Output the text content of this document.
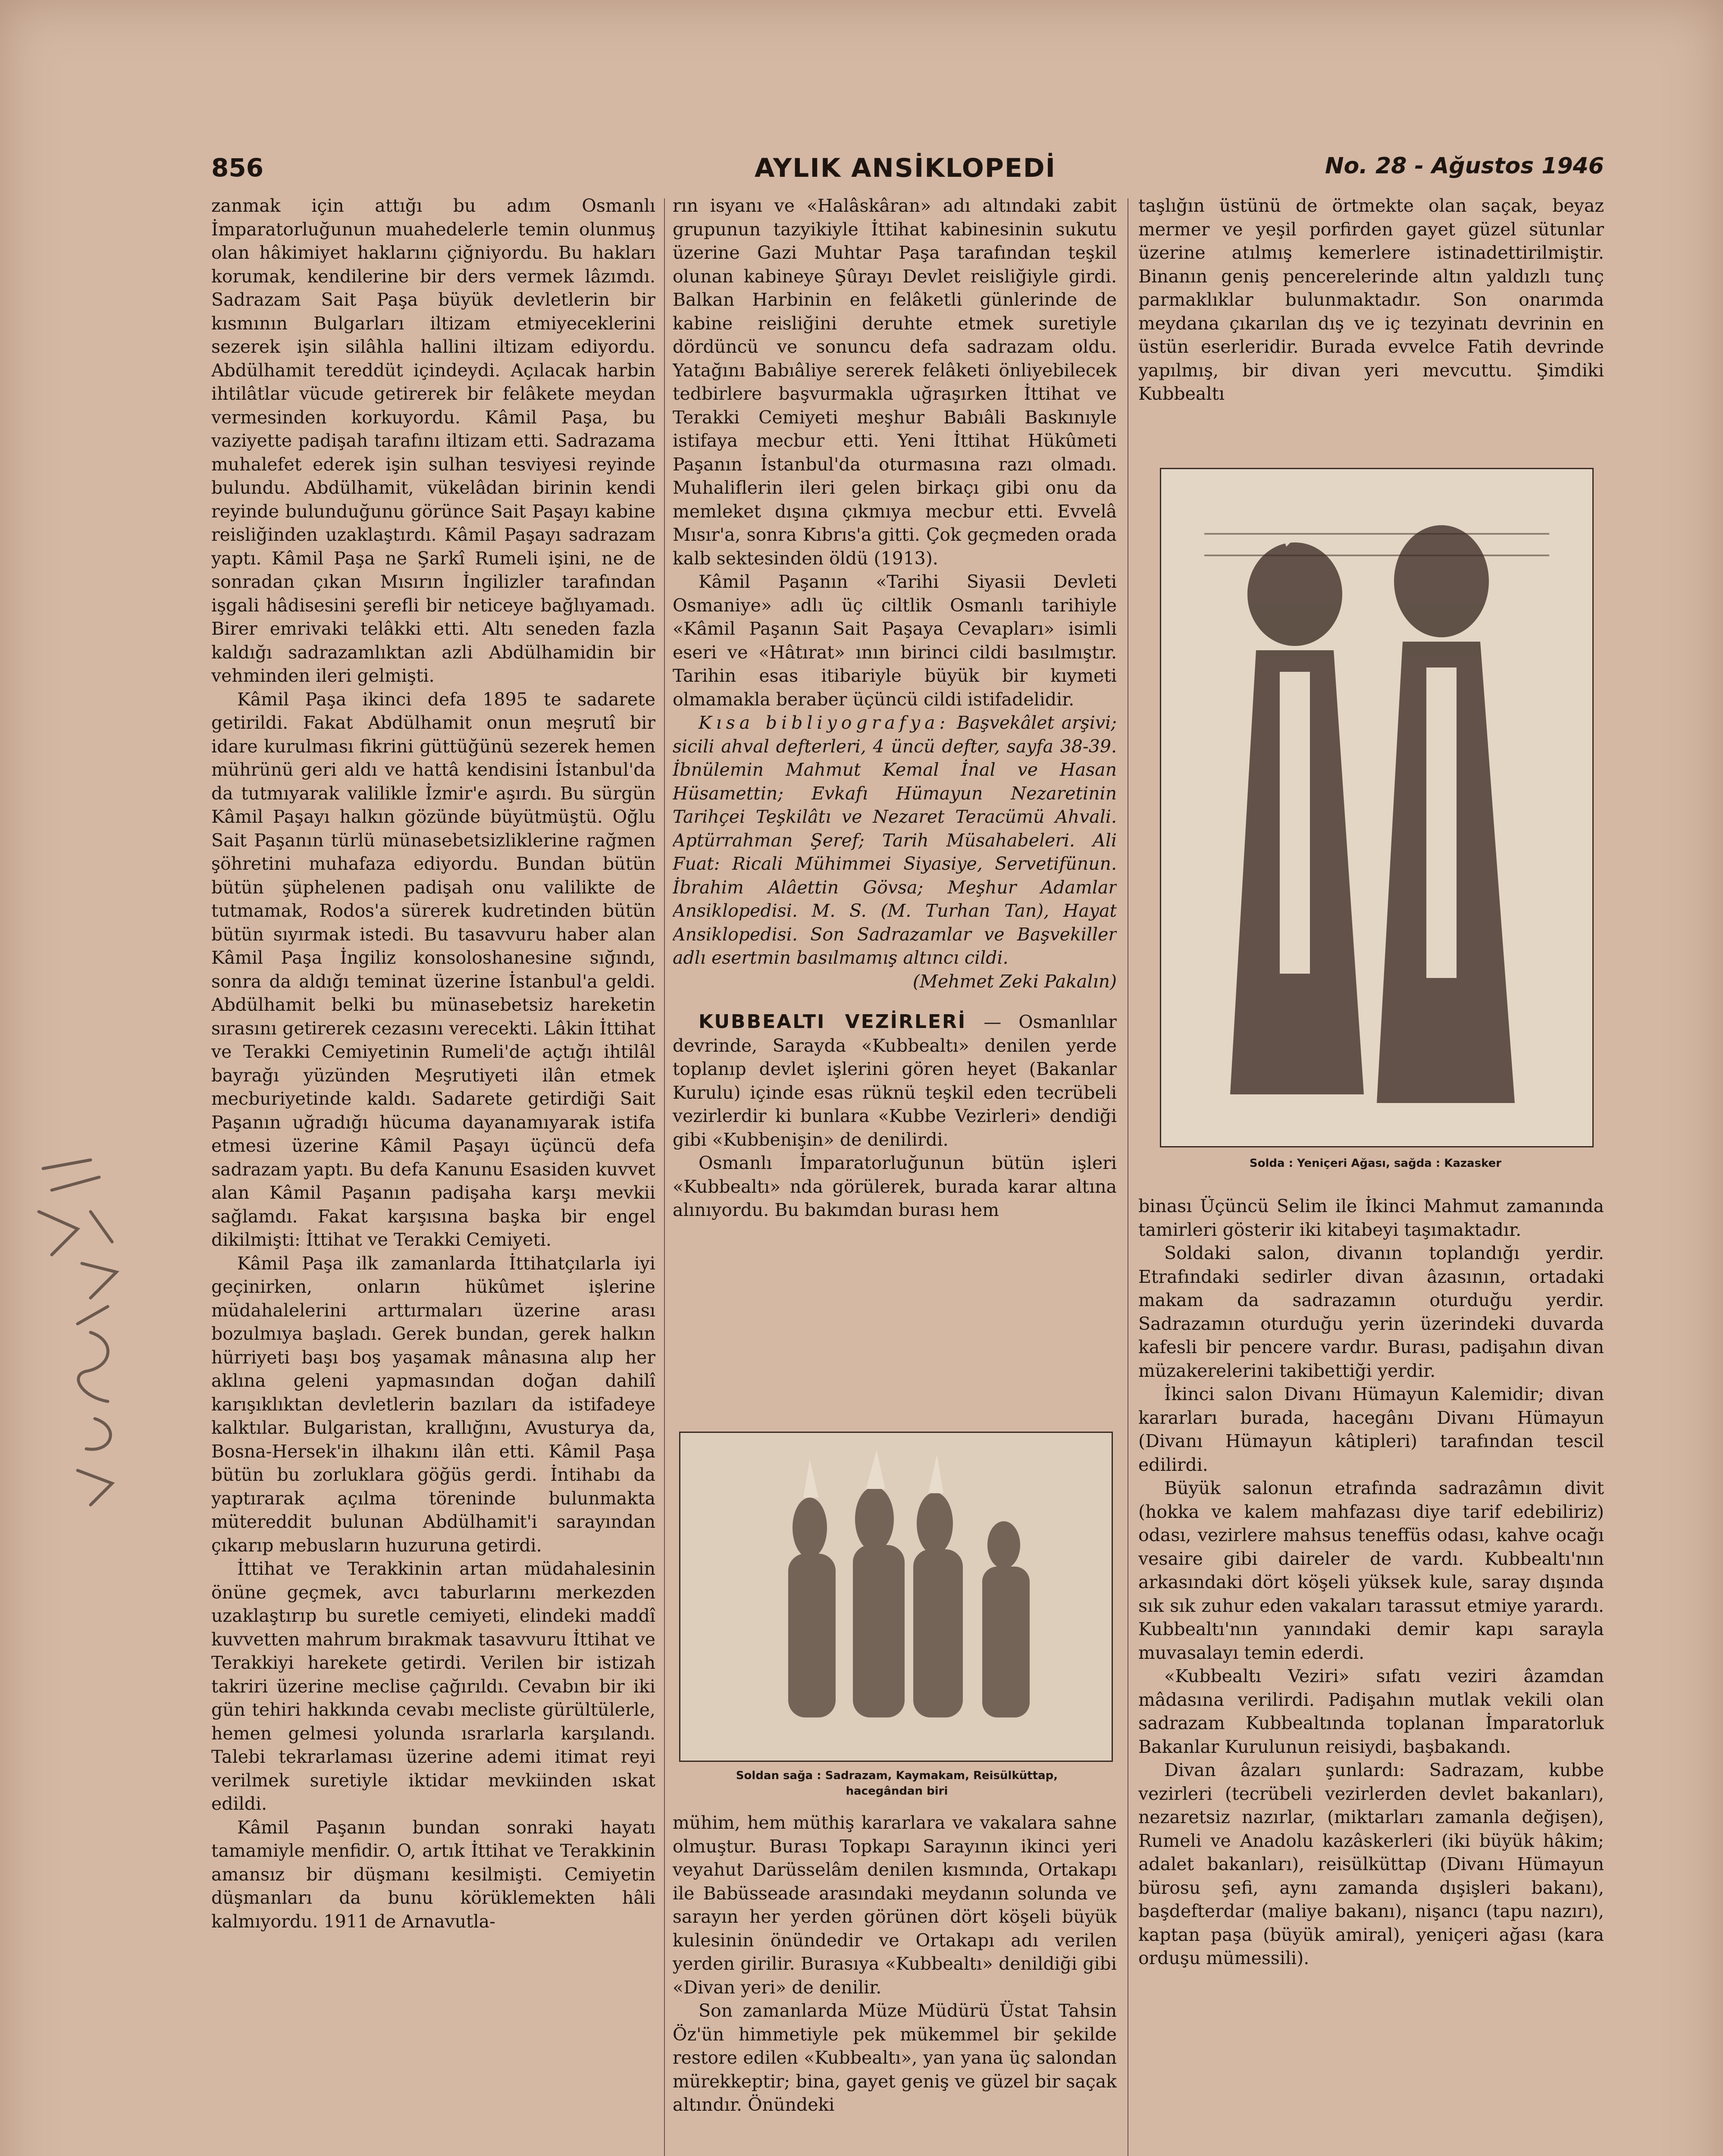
856	AYLIK ANSİKLOPEDİ	No. 28 - Ağustos 1946

zanmak için attığı bu adım Osmanlı İmparatorluğunun muahedelerle temin olunmuş olan hâkimiyet haklarını çiğniyordu. Bu hakları korumak, kendilerine bir ders vermek lâzımdı. Sadrazam Sait Paşa büyük devletlerin bir kısmının Bulgarları iltizam etmiyeceklerini sezerek işin silâhla hallini iltizam ediyordu. Abdülhamit tereddüt içindeydi. Açılacak harbin ihtilâtlar vücude getirerek bir felâkete meydan vermesinden korkuyordu. Kâmil Paşa, bu vaziyette padişah tarafını iltizam etti. Sadrazama muhalefet ederek işin sulhan tesviyesi reyinde bulundu. Abdülhamit, vükelâdan birinin kendi reyinde bulunduğunu görünce Sait Paşayı kabine reisliğinden uzaklaştırdı. Kâmil Paşayı sadrazam yaptı. Kâmil Paşa ne Şarkî Rumeli işini, ne de sonradan çıkan Mısırın İngilizler tarafından işgali hâdisesini şerefli bir neticeye bağlıyamadı. Birer emrivaki telâkki etti. Altı seneden fazla kaldığı sadrazamlıktan azli Abdülhamidin bir vehminden ileri gelmişti.

Kâmil Paşa ikinci defa 1895 te sadarete getirildi. Fakat Abdülhamit onun meşrutî bir idare kurulması fikrini güttüğünü sezerek hemen mührünü geri aldı ve hattâ kendisini İstanbul'da da tutmıyarak valilikle İzmir'e aşırdı. Bu sürgün Kâmil Paşayı halkın gözünde büyütmüştü. Oğlu Sait Paşanın türlü münasebetsizliklerine rağmen şöhretini muhafaza ediyordu. Bundan bütün bütün şüphelenen padişah onu valilikte de tutmamak, Rodos'a sürerek kudretinden bütün bütün sıyırmak istedi. Bu tasavvuru haber alan Kâmil Paşa İngiliz konsoloshanesine sığındı, sonra da aldığı teminat üzerine İstanbul'a geldi. Abdülhamit belki bu münasebetsiz hareketin sırasını getirerek cezasını verecekti. Lâkin İttihat ve Terakki Cemiyetinin Rumeli'de açtığı ihtilâl bayrağı yüzünden Meşrutiyeti ilân etmek mecburiyetinde kaldı. Sadarete getirdiği Sait Paşanın uğradığı hücuma dayanamıyarak istifa etmesi üzerine Kâmil Paşayı üçüncü defa sadrazam yaptı. Bu defa Kanunu Esasiden kuvvet alan Kâmil Paşanın padişaha karşı mevkii sağlamdı. Fakat karşısına başka bir engel dikilmişti: İttihat ve Terakki Cemiyeti.

Kâmil Paşa ilk zamanlarda İttihatçılarla iyi geçinirken, onların hükûmet işlerine müdahalelerini arttırmaları üzerine arası bozulmıya başladı. Gerek bundan, gerek halkın hürriyeti başı boş yaşamak mânasına alıp her aklına geleni yapmasından doğan dahilî karışıklıktan devletlerin bazıları da istifadeye kalktılar. Bulgaristan, krallığını, Avusturya da, Bosna-Hersek'in ilhakını ilân etti. Kâmil Paşa bütün bu zorluklara göğüs gerdi. İntihabı da yaptırarak açılma töreninde bulunmakta mütereddit bulunan Abdülhamit'i sarayından çıkarıp mebusların huzuruna getirdi.

İttihat ve Terakkinin artan müdahalesinin önüne geçmek, avcı taburlarını merkezden uzaklaştırıp bu suretle cemiyeti, elindeki maddî kuvvetten mahrum bırakmak tasavvuru İttihat ve Terakkiyi harekete getirdi. Verilen bir istizah takriri üzerine meclise çağırıldı. Cevabın bir iki gün tehiri hakkında cevabı mecliste gürültülerle, hemen gelmesi yolunda ısrarlarla karşılandı. Talebi tekrarlaması üzerine ademi itimat reyi verilmek suretiyle iktidar mevkiinden ıskat edildi.

Kâmil Paşanın bundan sonraki hayatı tamamiyle menfidir. O, artık İttihat ve Terakkinin amansız bir düşmanı kesilmişti. Cemiyetin düşmanları da bunu körüklemekten hâli kalmıyordu. 1911 de Arnavutla-

rın isyanı ve «Halâskâran» adı altındaki zabit grupunun tazyikiyle İttihat kabinesinin sukutu üzerine Gazi Muhtar Paşa tarafından teşkil olunan kabineye Şûrayı Devlet reisliğiyle girdi. Balkan Harbinin en felâketli günlerinde de kabine reisliğini deruhte etmek suretiyle dördüncü ve sonuncu defa sadrazam oldu. Yatağını Babıâliye sererek felâketi önliyebilecek tedbirlere başvurmakla uğraşırken İttihat ve Terakki Cemiyeti meşhur Babıâli Baskınıyle istifaya mecbur etti. Yeni İttihat Hükûmeti Paşanın İstanbul'da oturmasına razı olmadı. Muhaliflerin ileri gelen birkaçı gibi onu da memleket dışına çıkmıya mecbur etti. Evvelâ Mısır'a, sonra Kıbrıs'a gitti. Çok geçmeden orada kalb sektesinden öldü (1913).

Kâmil Paşanın «Tarihi Siyasii Devleti Osmaniye» adlı üç ciltlik Osmanlı tarihiyle «Kâmil Paşanın Sait Paşaya Cevapları» isimli eseri ve «Hâtırat» ının birinci cildi basılmıştır. Tarihin esas itibariyle büyük bir kıymeti olmamakla beraber üçüncü cildi istifadelidir.

Kısa bibliyografya: Başvekâlet arşivi; sicili ahval defterleri, 4 üncü defter, sayfa 38-39. İbnülemin Mahmut Kemal İnal ve Hasan Hüsamettin; Evkafı Hümayun Nezaretinin Tarihçei Teşkilâtı ve Nezaret Teracümü Ahvali. Aptürrahman Şeref; Tarih Müsahabeleri. Ali Fuat: Ricali Mühimmei Siyasiye, Servetifünun. İbrahim Alâettin Gövsa; Meşhur Adamlar Ansiklopedisi. M. S. (M. Turhan Tan), Hayat Ansiklopedisi. Son Sadrazamlar ve Başvekiller adlı esertmin basılmamış altıncı cildi.

(Mehmet Zeki Pakalın)

KUBBEALTI VEZİRLERİ — Osmanlılar devrinde, Sarayda «Kubbealtı» denilen yerde toplanıp devlet işlerini gören heyet (Bakanlar Kurulu) içinde esas rüknü teşkil eden tecrübeli vezirlerdir ki bunlara «Kubbe Vezirleri» dendiği gibi «Kubbenişin» de denilirdi.

Osmanlı İmparatorluğunun bütün işleri «Kubbealtı» nda görülerek, burada karar altına alınıyordu. Bu bakımdan burası hem

Soldan sağa : Sadrazam, Kaymakam, Reisülküttap, hacegândan biri

mühim, hem müthiş kararlara ve vakalara sahne olmuştur. Burası Topkapı Sarayının ikinci yeri veyahut Darüsselâm denilen kısmında, Ortakapı ile Babüsseade arasındaki meydanın solunda ve sarayın her yerden görünen dört köşeli büyük kulesinin önündedir ve Ortakapı adı verilen yerden girilir. Burasıya «Kubbealtı» denildiği gibi «Divan yeri» de denilir.

Son zamanlarda Müze Müdürü Üstat Tahsin Öz'ün himmetiyle pek mükemmel bir şekilde restore edilen «Kubbealtı», yan yana üç salondan mürekkeptir; bina, gayet geniş ve güzel bir saçak altındır. Önündeki

taşlığın üstünü de örtmekte olan saçak, beyaz mermer ve yeşil porfirden gayet güzel sütunlar üzerine atılmış kemerlere istinadettirilmiştir. Binanın geniş pencerelerinde altın yaldızlı tunç parmaklıklar bulunmaktadır. Son onarımda meydana çıkarılan dış ve iç tezyinatı devrinin en üstün eserleridir. Burada evvelce Fatih devrinde yapılmış, bir divan yeri mevcuttu. Şimdiki Kubbealtı

Solda : Yeniçeri Ağası, sağda : Kazasker

binası Üçüncü Selim ile İkinci Mahmut zamanında tamirleri gösterir iki kitabeyi taşımaktadır.

Soldaki salon, divanın toplandığı yerdir. Etrafındaki sedirler divan âzasının, ortadaki makam da sadrazamın oturduğu yerdir. Sadrazamın oturduğu yerin üzerindeki duvarda kafesli bir pencere vardır. Burası, padişahın divan müzakerelerini takibettiği yerdir.

İkinci salon Divanı Hümayun Kalemidir; divan kararları burada, hacegânı Divanı Hümayun (Divanı Hümayun kâtipleri) tarafından tescil edilirdi.

Büyük salonun etrafında sadrazâmın divit (hokka ve kalem mahfazası diye tarif edebiliriz) odası, vezirlere mahsus teneffüs odası, kahve ocağı vesaire gibi daireler de vardı. Kubbealtı'nın arkasındaki dört köşeli yüksek kule, saray dışında sık sık zuhur eden vakaları tarassut etmiye yarardı. Kubbealtı'nın yanındaki demir kapı sarayla muvasalayı temin ederdi.

«Kubbealtı Veziri» sıfatı veziri âzamdan mâdasına verilirdi. Padişahın mutlak vekili olan sadrazam Kubbealtında toplanan İmparatorluk Bakanlar Kurulunun reisiydi, başbakandı.

Divan âzaları şunlardı: Sadrazam, kubbe vezirleri (tecrübeli vezirlerden devlet bakanları), nezaretsiz nazırlar, (miktarları zamanla değişen), Rumeli ve Anadolu kazâskerleri (iki büyük hâkim; adalet bakanları), reisülküttap (Divanı Hümayun bürosu şefi, aynı zamanda dışişleri bakanı), başdefterdar (maliye bakanı), nişancı (tapu nazırı), kaptan paşa (büyük amiral), yeniçeri ağası (kara orduşu mümessili).
